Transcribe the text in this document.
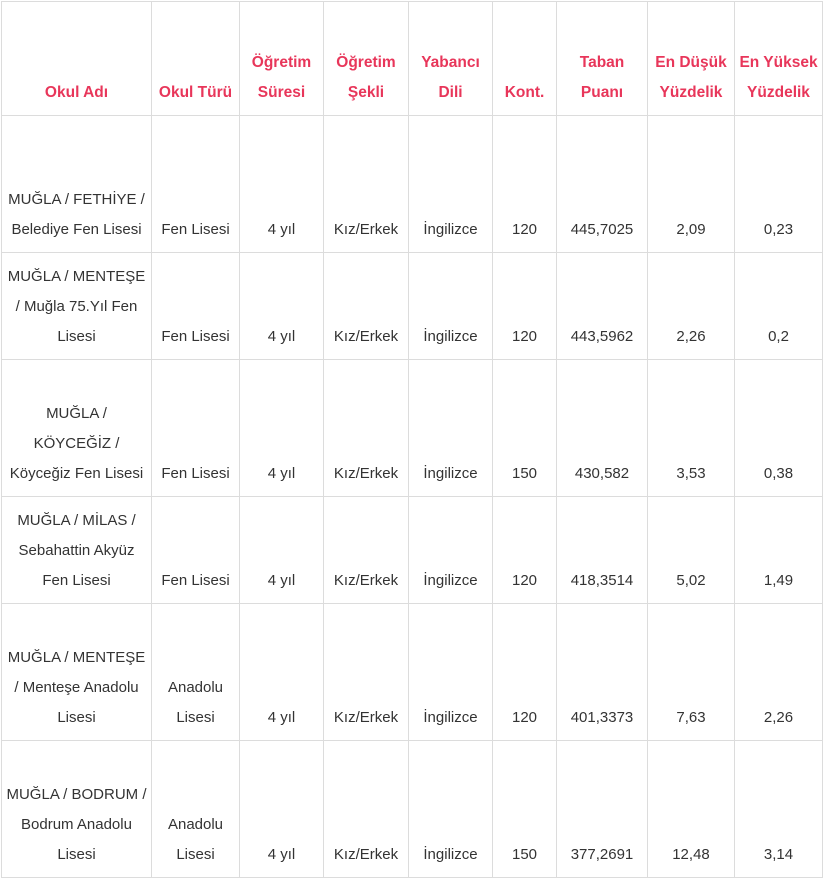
Okul Adı	Okul Türü	Öğretim Süresi	Öğretim Şekli	Yabancı Dili	Kont.	Taban Puanı	En Düşük Yüzdelik	En Yüksek Yüzdelik
MUĞLA / FETHİYE / Belediye Fen Lisesi	Fen Lisesi	4 yıl	Kız/Erkek	İngilizce	120	445,7025	2,09	0,23
MUĞLA / MENTEŞE / Muğla 75.Yıl Fen Lisesi	Fen Lisesi	4 yıl	Kız/Erkek	İngilizce	120	443,5962	2,26	0,2
MUĞLA / KÖYCEĞİZ / Köyceğiz Fen Lisesi	Fen Lisesi	4 yıl	Kız/Erkek	İngilizce	150	430,582	3,53	0,38
MUĞLA / MİLAS / Sebahattin Akyüz Fen Lisesi	Fen Lisesi	4 yıl	Kız/Erkek	İngilizce	120	418,3514	5,02	1,49
MUĞLA / MENTEŞE / Menteşe Anadolu Lisesi	Anadolu Lisesi	4 yıl	Kız/Erkek	İngilizce	120	401,3373	7,63	2,26
MUĞLA / BODRUM / Bodrum Anadolu Lisesi	Anadolu Lisesi	4 yıl	Kız/Erkek	İngilizce	150	377,2691	12,48	3,14
